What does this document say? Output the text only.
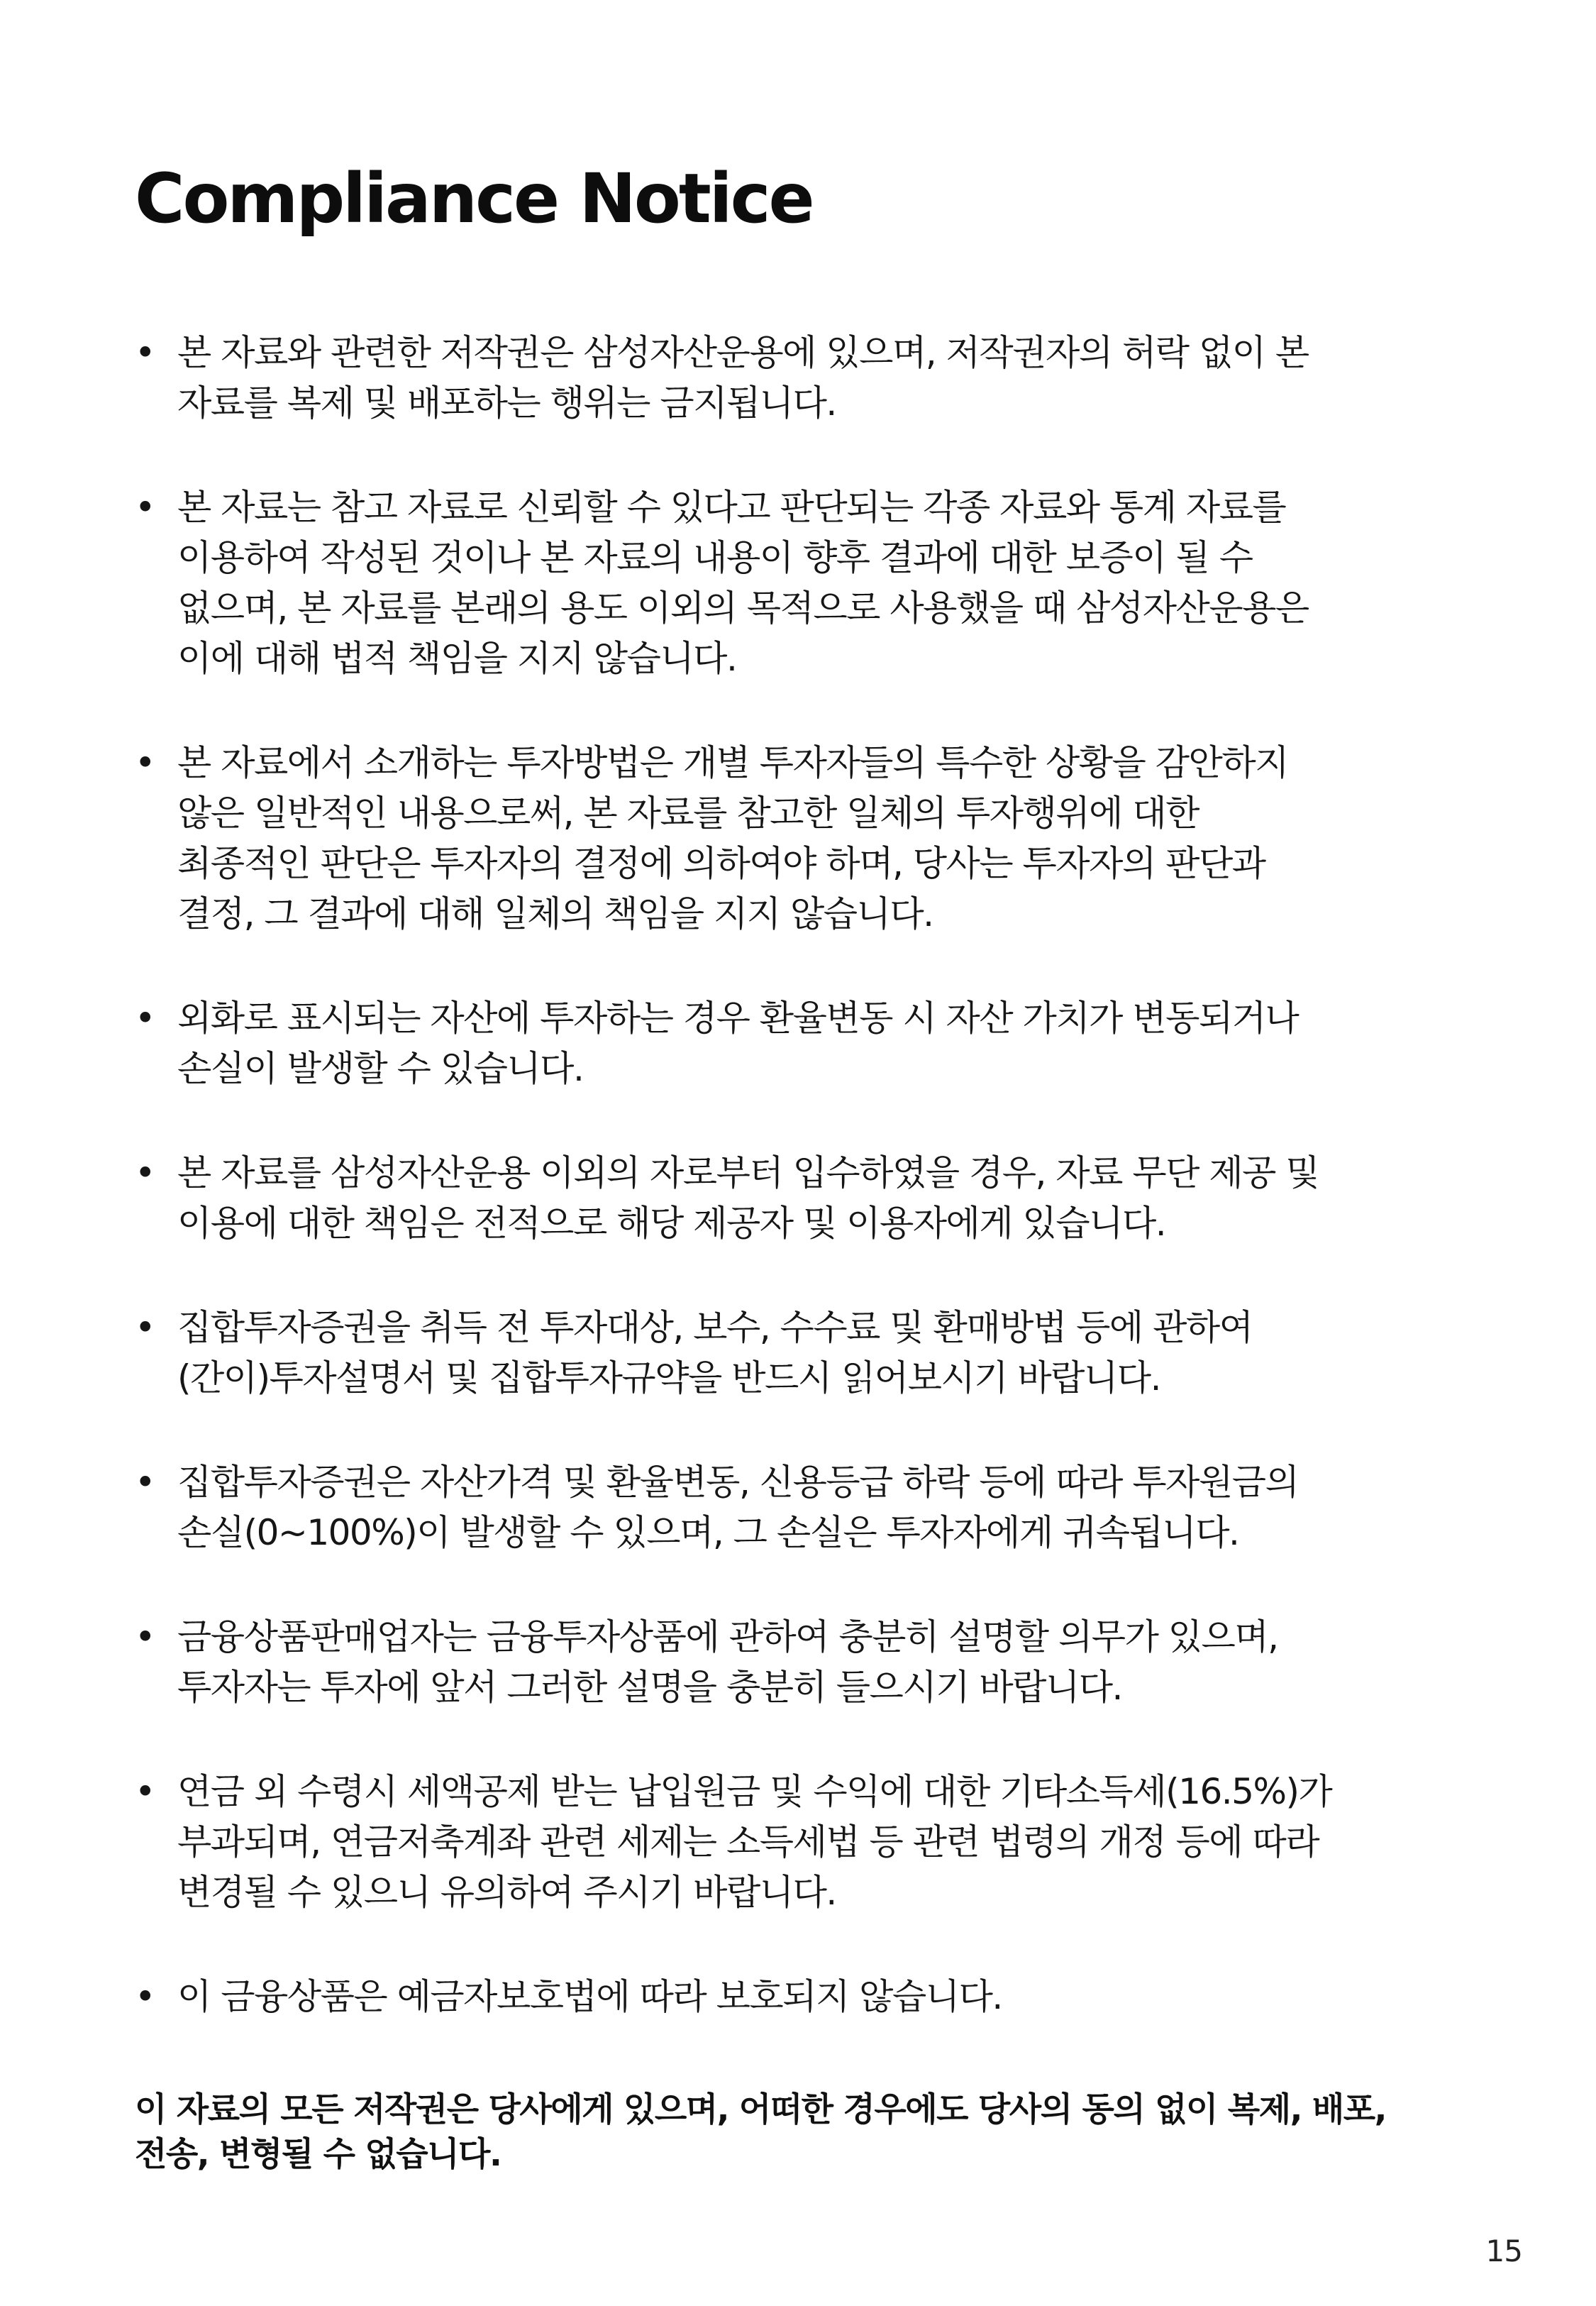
Compliance Notice
• 본 자료와 관련한 저작권은 삼성자산운용에 있으며, 저작권자의 허락 없이 본
자료를 복제 및 배포하는 행위는 금지됩니다.
• 본 자료는 참고 자료로 신뢰할 수 있다고 판단되는 각종 자료와 통계 자료를
이용하여 작성된 것이나 본 자료의 내용이 향후 결과에 대한 보증이 될 수
없으며, 본 자료를 본래의 용도 이외의 목적으로 사용했을 때 삼성자산운용은
이에 대해 법적 책임을 지지 않습니다.
• 본 자료에서 소개하는 투자방법은 개별 투자자들의 특수한 상황을 감안하지
않은 일반적인 내용으로써, 본 자료를 참고한 일체의 투자행위에 대한
최종적인 판단은 투자자의 결정에 의하여야 하며, 당사는 투자자의 판단과
결정, 그 결과에 대해 일체의 책임을 지지 않습니다.
• 외화로 표시되는 자산에 투자하는 경우 환율변동 시 자산 가치가 변동되거나
손실이 발생할 수 있습니다.
• 본 자료를 삼성자산운용 이외의 자로부터 입수하였을 경우, 자료 무단 제공 및
이용에 대한 책임은 전적으로 해당 제공자 및 이용자에게 있습니다.
• 집합투자증권을 취득 전 투자대상, 보수, 수수료 및 환매방법 등에 관하여
(간이)투자설명서 및 집합투자규약을 반드시 읽어보시기 바랍니다.
• 집합투자증권은 자산가격 및 환율변동, 신용등급 하락 등에 따라 투자원금의
손실(0~100%)이 발생할 수 있으며, 그 손실은 투자자에게 귀속됩니다.
• 금융상품판매업자는 금융투자상품에 관하여 충분히 설명할 의무가 있으며,
투자자는 투자에 앞서 그러한 설명을 충분히 들으시기 바랍니다.
• 연금 외 수령시 세액공제 받는 납입원금 및 수익에 대한 기타소득세(16.5%)가
부과되며, 연금저축계좌 관련 세제는 소득세법 등 관련 법령의 개정 등에 따라
변경될 수 있으니 유의하여 주시기 바랍니다.
• 이 금융상품은 예금자보호법에 따라 보호되지 않습니다.

이 자료의 모든 저작권은 당사에게 있으며, 어떠한 경우에도 당사의 동의 없이 복제, 배포,
전송, 변형될 수 없습니다.

15
